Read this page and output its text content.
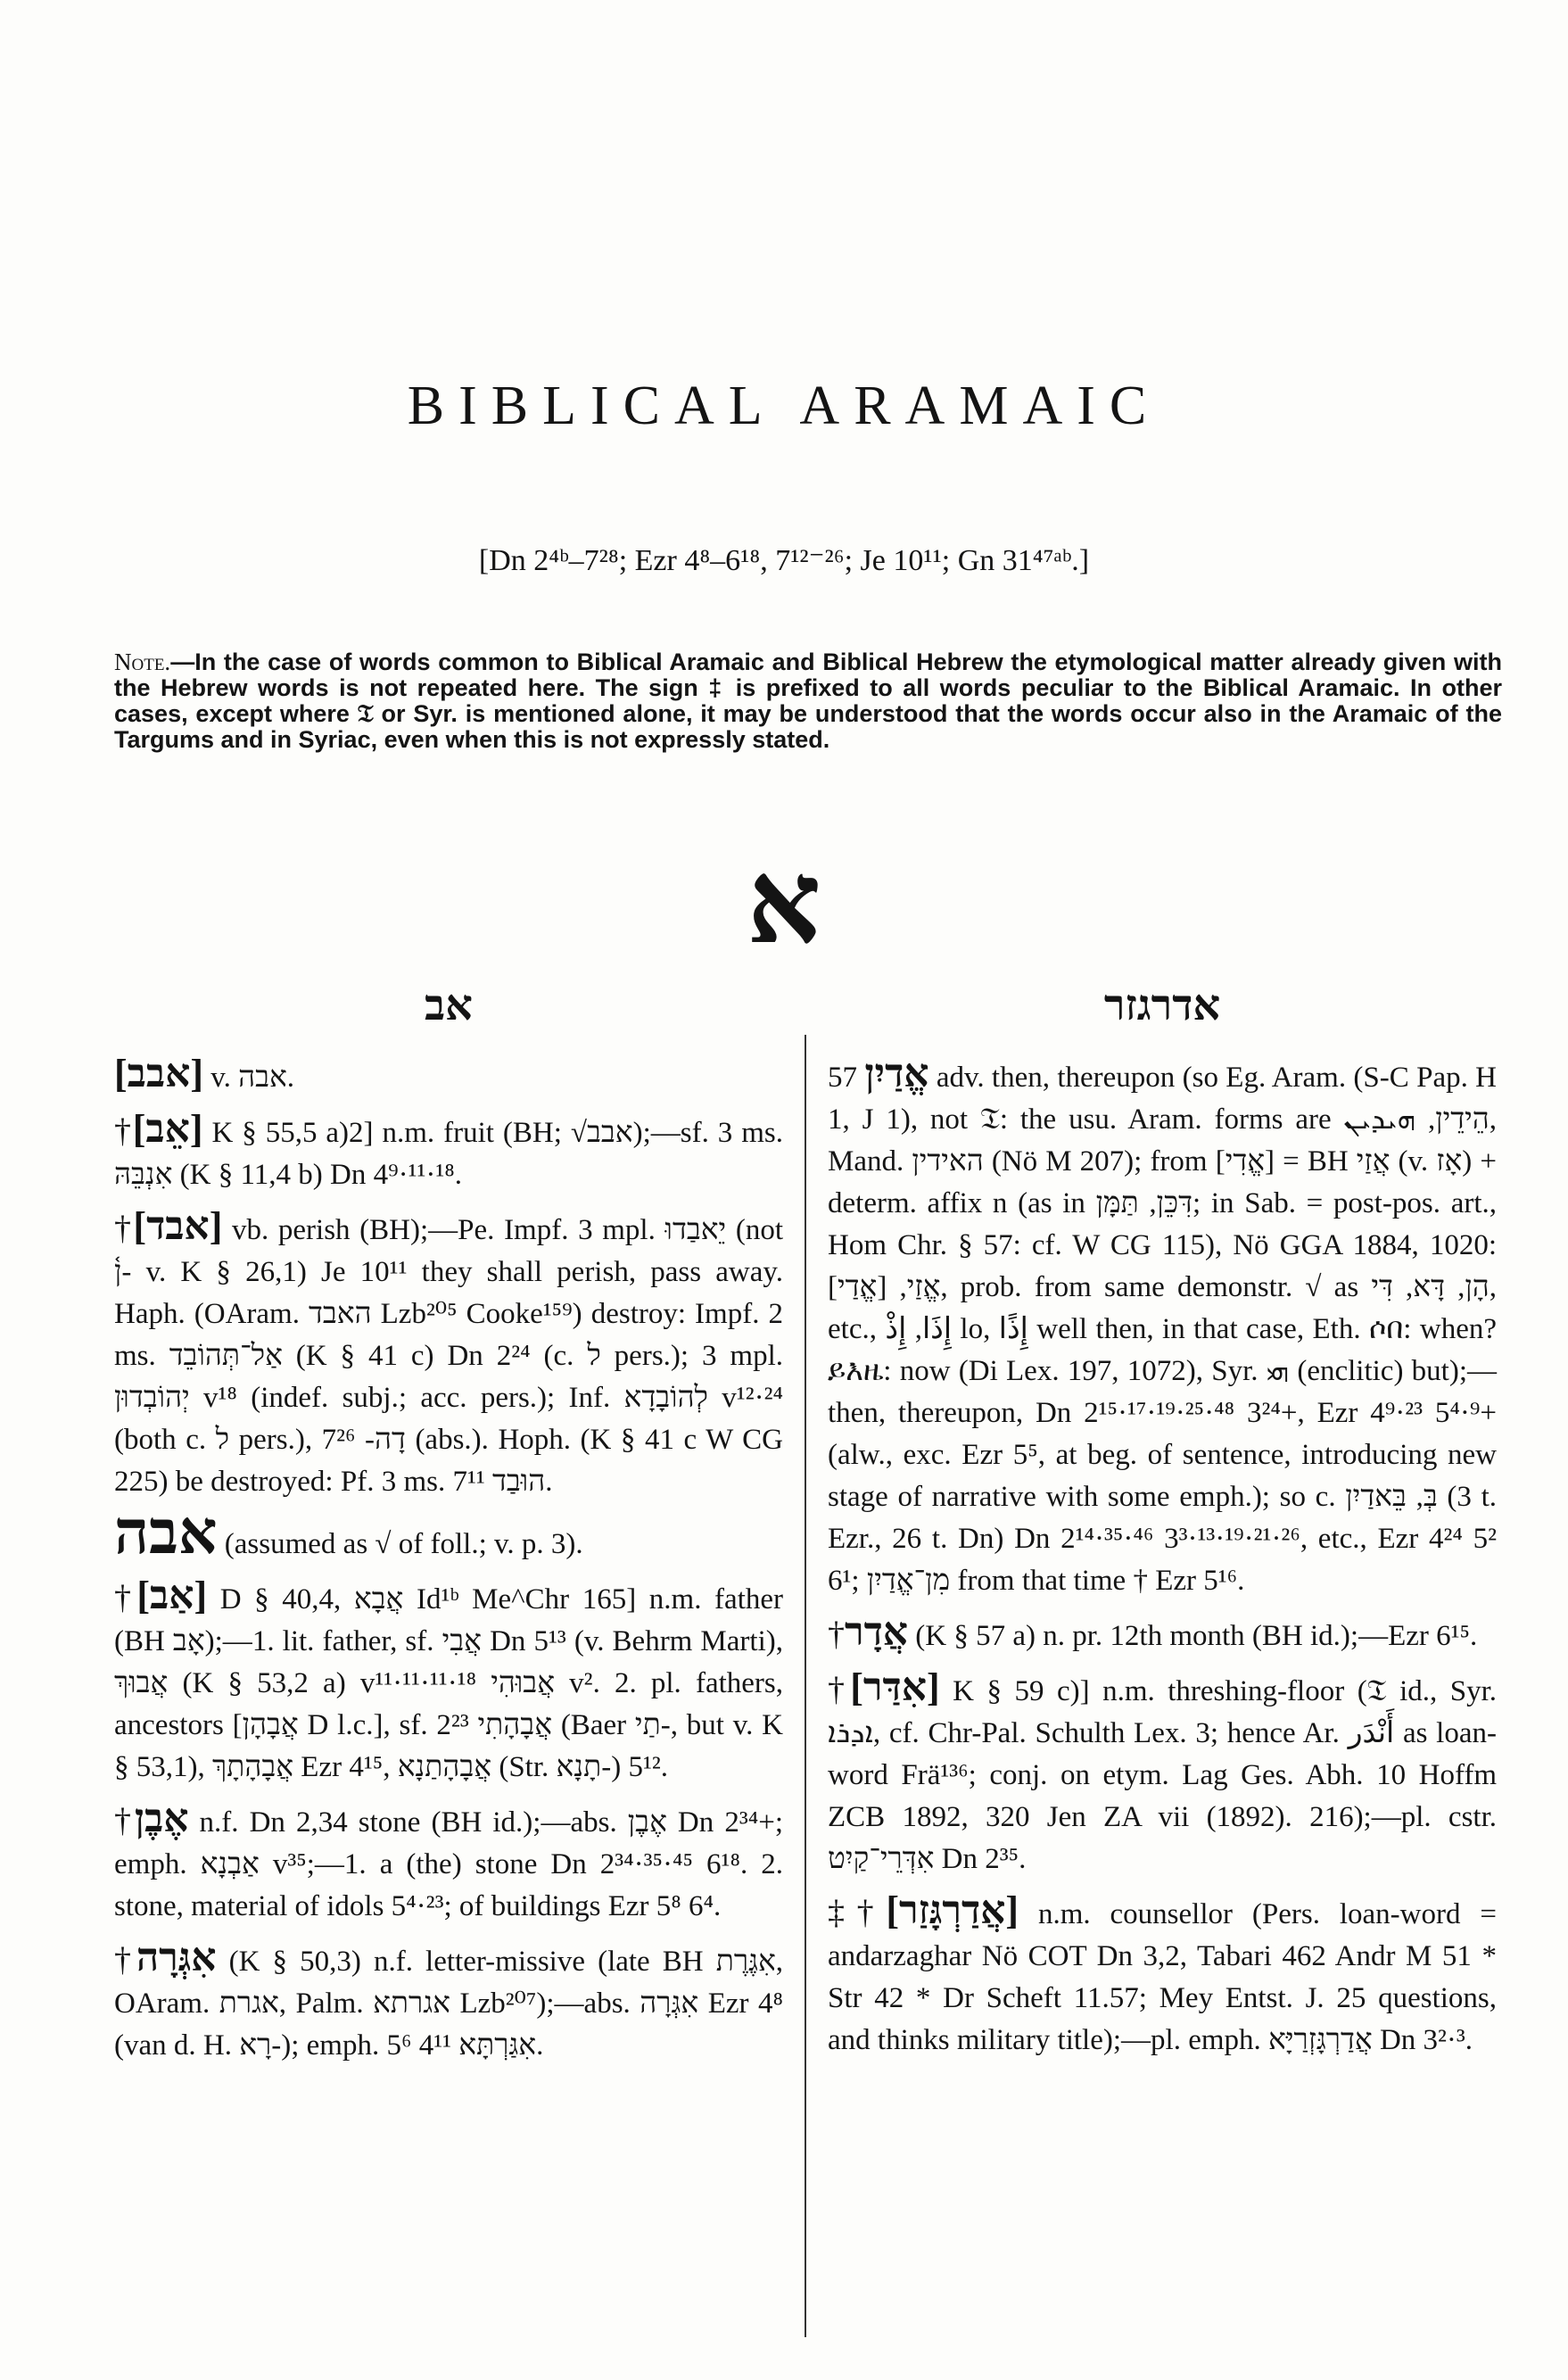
BIBLICAL ARAMAIC
[Dn 2⁴ᵇ–7²⁸; Ezr 4⁸–6¹⁸, 7¹²⁻²⁶; Je 10¹¹; Gn 31⁴⁷ᵃᵇ.]
Note.—In the case of words common to Biblical Aramaic and Biblical Hebrew the etymological matter already given with the Hebrew words is not repeated here. The sign ‡ is prefixed to all words peculiar to the Biblical Aramaic. In other cases, except where 𝔗 or Syr. is mentioned alone, it may be understood that the words occur also in the Aramaic of the Targums and in Syriac, even when this is not expressly stated.
א
אב

[אבב] v. אבה.

†[אֵב] K § 55,5 a)2] n.m. fruit (BH; √אבב);—sf. 3 ms. אִנְבֵּהּ (K § 11,4 b) Dn 4⁹·¹¹·¹⁸.

†[אבד] vb. perish (BH);—Pe. Impf. 3 mpl. יֵאבַדוּ (not ן֫- v. K § 26,1) Je 10¹¹ they shall perish, pass away. Haph. (OAram. האבד Lzb²⁰⁵ Cooke¹⁵⁹) destroy: Impf. 2 ms. אַל־תְּהוֹבֵד (K § 41 c) Dn 2²⁴ (c. ל pers.); 3 mpl. יְהוֹבְדוּן v¹⁸ (indef. subj.; acc. pers.); Inf. לְהוֹבָדָא v¹²·²⁴ (both c. ל pers.), דָה- 7²⁶ (abs.). Hoph. (K § 41 c W CG 225) be destroyed: Pf. 3 ms. הוּבַד 7¹¹.

אבה (assumed as √ of foll.; v. p. 3).

†[אַב] D § 40,4, אֲבָא Id¹ᵇ Me^Chr 165] n.m. father (BH אָב);—1. lit. father, sf. אֲבִי Dn 5¹³ (v. Behrm Marti), אֲבוּךְ (K § 53,2 a) v¹¹·¹¹·¹¹·¹⁸ אֲבוּהִי v². 2. pl. fathers, ancestors [אֲבָהָן D l.c.], sf. אֲבָהָתִי 2²³ (Baer תַי-, but v. K § 53,1), אֲבָהָתָךְ Ezr 4¹⁵, אֲבָהָתַנָא (Str. תָנָא-) 5¹².

†אֶבֶן n.f. Dn 2,34 stone (BH id.);—abs. אֶבֶן Dn 2³⁴+; emph. אַבְנָא v³⁵;—1. a (the) stone Dn 2³⁴·³⁵·⁴⁵ 6¹⁸. 2. stone, material of idols 5⁴·²³; of buildings Ezr 5⁸ 6⁴.

†אִגְּרָה (K § 50,3) n.f. letter-missive (late BH אִגֶּרֶת, OAram. אגרת, Palm. אגרתא Lzb²⁰⁷);—abs. אִגְּרָה Ezr 4⁸ (van d. H. רָא-); emph. אִגַּרְתָּא 4¹¹ 5⁶.

אדרגזר

אֱדַיִן 57 adv. then, thereupon (so Eg. Aram. (S-C Pap. H 1, J 1), not 𝔗: the usu. Aram. forms are הֵידֵין, ܗܝܕܝܢ, Mand. האידין (Nö M 207); from [אֱדִי] = BH אֲזַי (v. אָז) + determ. affix n (as in דִּכֵּן, תַּמָּן; in Sab. = post-pos. art., Hom Chr. § 57: cf. W CG 115), Nö GGA 1884, 1020: אֱזַי, [אֱדַי], prob. from same demonstr. √ as הָן, דָּא, דִּי, etc., إِذَا, إِذْ lo, إِذًا well then, in that case, Eth. ሶበ: when? ይእዜ: now (Di Lex. 197, 1072), Syr. ܗܝ (enclitic) but);—then, thereupon, Dn 2¹⁵·¹⁷·¹⁹·²⁵·⁴⁸ 3²⁴+, Ezr 4⁹·²³ 5⁴·⁹+ (alw., exc. Ezr 5⁵, at beg. of sentence, introducing new stage of narrative with some emph.); so c. בְּ, בֵּאדַיִן (3 t. Ezr., 26 t. Dn) Dn 2¹⁴·³⁵·⁴⁶ 3³·¹³·¹⁹·²¹·²⁶, etc., Ezr 4²⁴ 5² 6¹; מִן־אֱדַיִן from that time † Ezr 5¹⁶.

†אֲדָר (K § 57 a) n. pr. 12th month (BH id.);—Ezr 6¹⁵.

†[אִדַּר] K § 59 c)] n.m. threshing-floor (𝔗 id., Syr. ܐܕܪܐ, cf. Chr-Pal. Schulth Lex. 3; hence Ar. أَنْدَر as loan-word Frä¹³⁶; conj. on etym. Lag Ges. Abh. 10 Hoffm ZCB 1892, 320 Jen ZA vii (1892). 216);—pl. cstr. אִדְּרֵי־קַיִט Dn 2³⁵.

‡†[אֲדַרְגָּזַר] n.m. counsellor (Pers. loan-word = andarzaghar Nö COT Dn 3,2, Tabari 462 Andr M 51 * Str 42 * Dr Scheft 11.57; Mey Entst. J. 25 questions, and thinks military title);—pl. emph. אֲדַרְגָּזְרַיָּא Dn 3²·³.
